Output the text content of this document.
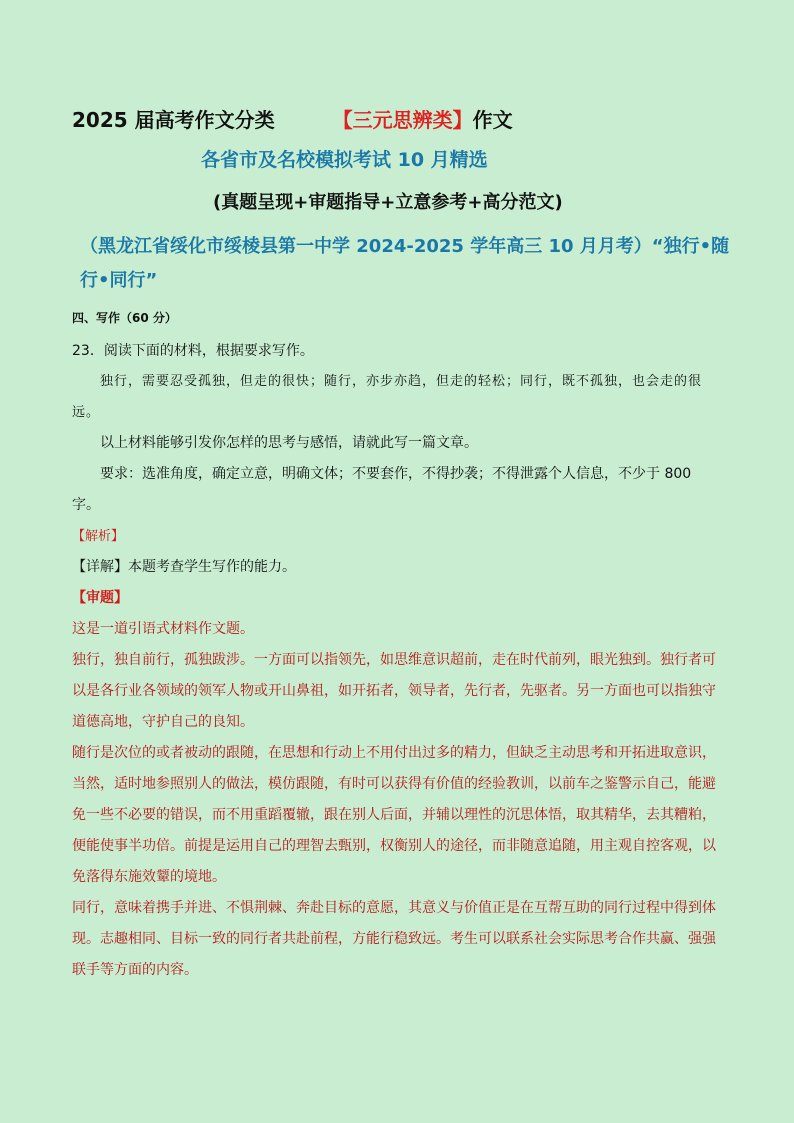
2025 届高考作文分类	【三元思辨类】作文
各省市及名校模拟考试 10 月精选
(真题呈现+审题指导+立意参考+高分范文)
（黑龙江省绥化市绥棱县第一中学 2024-2025 学年高三 10 月月考）“独行•随行•同行”
四、写作（60 分）
23．阅读下面的材料，根据要求写作。
独行，需要忍受孤独，但走的很快；随行，亦步亦趋，但走的轻松；同行，既不孤独，也会走的很远。
以上材料能够引发你怎样的思考与感悟，请就此写一篇文章。
要求：选准角度，确定立意，明确文体；不要套作，不得抄袭；不得泄露个人信息，不少于 800 字。
【解析】
【详解】本题考查学生写作的能力。
【审题】
这是一道引语式材料作文题。
独行，独自前行，孤独跋涉。一方面可以指领先，如思维意识超前，走在时代前列，眼光独到。独行者可以是各行业各领域的领军人物或开山鼻祖，如开拓者，领导者，先行者，先驱者。另一方面也可以指独守道德高地，守护自己的良知。
随行是次位的或者被动的跟随，在思想和行动上不用付出过多的精力，但缺乏主动思考和开拓进取意识，当然，适时地参照别人的做法，模仿跟随，有时可以获得有价值的经验教训，以前车之鉴警示自己，能避免一些不必要的错误，而不用重蹈覆辙，跟在别人后面，并辅以理性的沉思体悟，取其精华，去其糟粕，便能使事半功倍。前提是运用自己的理智去甄别，权衡别人的途径，而非随意追随，用主观自控客观，以免落得东施效颦的境地。
同行，意味着携手并进、不惧荆棘、奔赴目标的意愿，其意义与价值正是在互帮互助的同行过程中得到体现。志趣相同、目标一致的同行者共赴前程，方能行稳致远。考生可以联系社会实际思考合作共赢、强强联手等方面的内容。
